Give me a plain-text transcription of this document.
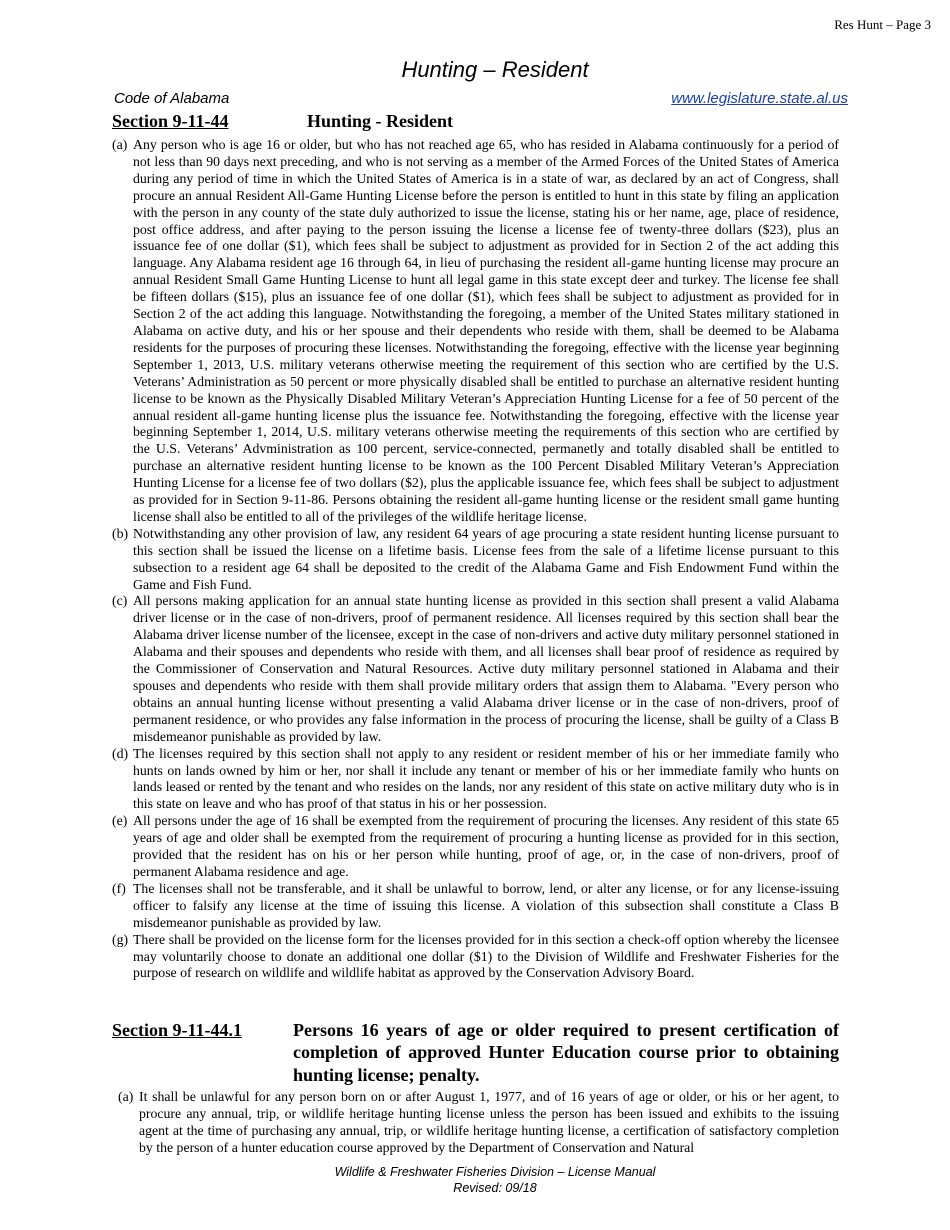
Res Hunt – Page 3
Hunting – Resident
Code of Alabama	www.legislature.state.al.us
Section 9-11-44	Hunting - Resident
(a) Any person who is age 16 or older, but who has not reached age 65, who has resided in Alabama continuously for a period of not less than 90 days next preceding, and who is not serving as a member of the Armed Forces of the United States of America during any period of time in which the United States of America is in a state of war, as declared by an act of Congress, shall procure an annual Resident All-Game Hunting License before the person is entitled to hunt in this state by filing an application with the person in any county of the state duly authorized to issue the license, stating his or her name, age, place of residence, post office address, and after paying to the person issuing the license a license fee of twenty-three dollars ($23), plus an issuance fee of one dollar ($1), which fees shall be subject to adjustment as provided for in Section 2 of the act adding this language. Any Alabama resident age 16 through 64, in lieu of purchasing the resident all-game hunting license may procure an annual Resident Small Game Hunting License to hunt all legal game in this state except deer and turkey. The license fee shall be fifteen dollars ($15), plus an issuance fee of one dollar ($1), which fees shall be subject to adjustment as provided for in Section 2 of the act adding this language. Notwithstanding the foregoing, a member of the United States military stationed in Alabama on active duty, and his or her spouse and their dependents who reside with them, shall be deemed to be Alabama residents for the purposes of procuring these licenses. Notwithstanding the foregoing, effective with the license year beginning September 1, 2013, U.S. military veterans otherwise meeting the requirement of this section who are certified by the U.S. Veterans’ Administration as 50 percent or more physically disabled shall be entitled to purchase an alternative resident hunting license to be known as the Physically Disabled Military Veteran’s Appreciation Hunting License for a fee of 50 percent of the annual resident all-game hunting license plus the issuance fee. Notwithstanding the foregoing, effective with the license year beginning September 1, 2014, U.S. military veterans otherwise meeting the requirements of this section who are certified by the U.S. Veterans’ Advministration as 100 percent, service-connected, permanetly and totally disabled shall be entitled to purchase an alternative resident hunting license to be known as the 100 Percent Disabled Military Veteran’s Appreciation Hunting License for a license fee of two dollars ($2), plus the applicable issuance fee, which fees shall be subject to adjustment as provided for in Section 9-11-86. Persons obtaining the resident all-game hunting license or the resident small game hunting license shall also be entitled to all of the privileges of the wildlife heritage license.
(b) Notwithstanding any other provision of law, any resident 64 years of age procuring a state resident hunting license pursuant to this section shall be issued the license on a lifetime basis. License fees from the sale of a lifetime license pursuant to this subsection to a resident age 64 shall be deposited to the credit of the Alabama Game and Fish Endowment Fund within the Game and Fish Fund.
(c) All persons making application for an annual state hunting license as provided in this section shall present a valid Alabama driver license or in the case of non-drivers, proof of permanent residence. All licenses required by this section shall bear the Alabama driver license number of the licensee, except in the case of non-drivers and active duty military personnel stationed in Alabama and their spouses and dependents who reside with them, and all licenses shall bear proof of residence as required by the Commissioner of Conservation and Natural Resources. Active duty military personnel stationed in Alabama and their spouses and dependents who reside with them shall provide military orders that assign them to Alabama. "Every person who obtains an annual hunting license without presenting a valid Alabama driver license or in the case of non-drivers, proof of permanent residence, or who provides any false information in the process of procuring the license, shall be guilty of a Class B misdemeanor punishable as provided by law.
(d) The licenses required by this section shall not apply to any resident or resident member of his or her immediate family who hunts on lands owned by him or her, nor shall it include any tenant or member of his or her immediate family who hunts on lands leased or rented by the tenant and who resides on the lands, nor any resident of this state on active military duty who is in this state on leave and who has proof of that status in his or her possession.
(e) All persons under the age of 16 shall be exempted from the requirement of procuring the licenses. Any resident of this state 65 years of age and older shall be exempted from the requirement of procuring a hunting license as provided for in this section, provided that the resident has on his or her person while hunting, proof of age, or, in the case of non-drivers, proof of permanent Alabama residence and age.
(f) The licenses shall not be transferable, and it shall be unlawful to borrow, lend, or alter any license, or for any license-issuing officer to falsify any license at the time of issuing this license. A violation of this subsection shall constitute a Class B misdemeanor punishable as provided by law.
(g) There shall be provided on the license form for the licenses provided for in this section a check-off option whereby the licensee may voluntarily choose to donate an additional one dollar ($1) to the Division of Wildlife and Freshwater Fisheries for the purpose of research on wildlife and wildlife habitat as approved by the Conservation Advisory Board.
Section 9-11-44.1	Persons 16 years of age or older required to present certification of completion of approved Hunter Education course prior to obtaining hunting license; penalty.
(a) It shall be unlawful for any person born on or after August 1, 1977, and of 16 years of age or older, or his or her agent, to procure any annual, trip, or wildlife heritage hunting license unless the person has been issued and exhibits to the issuing agent at the time of purchasing any annual, trip, or wildlife heritage hunting license, a certification of satisfactory completion by the person of a hunter education course approved by the Department of Conservation and Natural
Wildlife & Freshwater Fisheries Division – License Manual
Revised: 09/18
